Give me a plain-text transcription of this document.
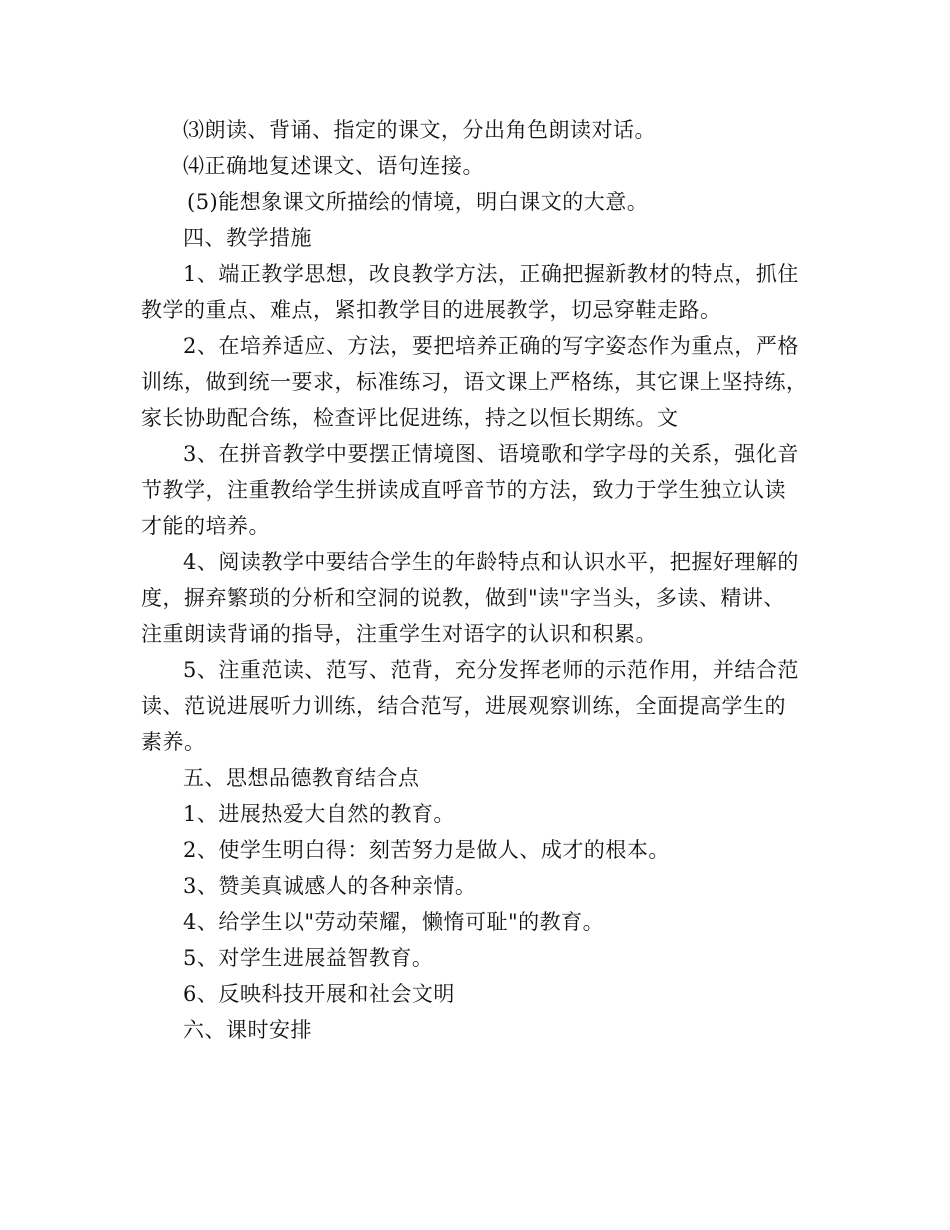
⑶朗读、背诵、指定的课文，分出角色朗读对话。
⑷正确地复述课文、语句连接。
(5)能想象课文所描绘的情境，明白课文的大意。
四、教学措施
1、端正教学思想，改良教学方法，正确把握新教材的特点，抓住
教学的重点、难点，紧扣教学目的进展教学，切忌穿鞋走路。
2、在培养适应、方法，要把培养正确的写字姿态作为重点，严格
训练，做到统一要求，标准练习，语文课上严格练，其它课上坚持练，
家长协助配合练，检查评比促进练，持之以恒长期练。文
3、在拼音教学中要摆正情境图、语境歌和学字母的关系，强化音
节教学，注重教给学生拼读成直呼音节的方法，致力于学生独立认读
才能的培养。
4、阅读教学中要结合学生的年龄特点和认识水平，把握好理解的
度，摒弃繁琐的分析和空洞的说教，做到"读"字当头，多读、精讲、
注重朗读背诵的指导，注重学生对语字的认识和积累。
5、注重范读、范写、范背，充分发挥老师的示范作用，并结合范
读、范说进展听力训练，结合范写，进展观察训练，全面提高学生的
素养。
五、思想品德教育结合点
1、进展热爱大自然的教育。
2、使学生明白得：刻苦努力是做人、成才的根本。
3、赞美真诚感人的各种亲情。
4、给学生以"劳动荣耀，懒惰可耻"的教育。
5、对学生进展益智教育。
6、反映科技开展和社会文明
六、课时安排
